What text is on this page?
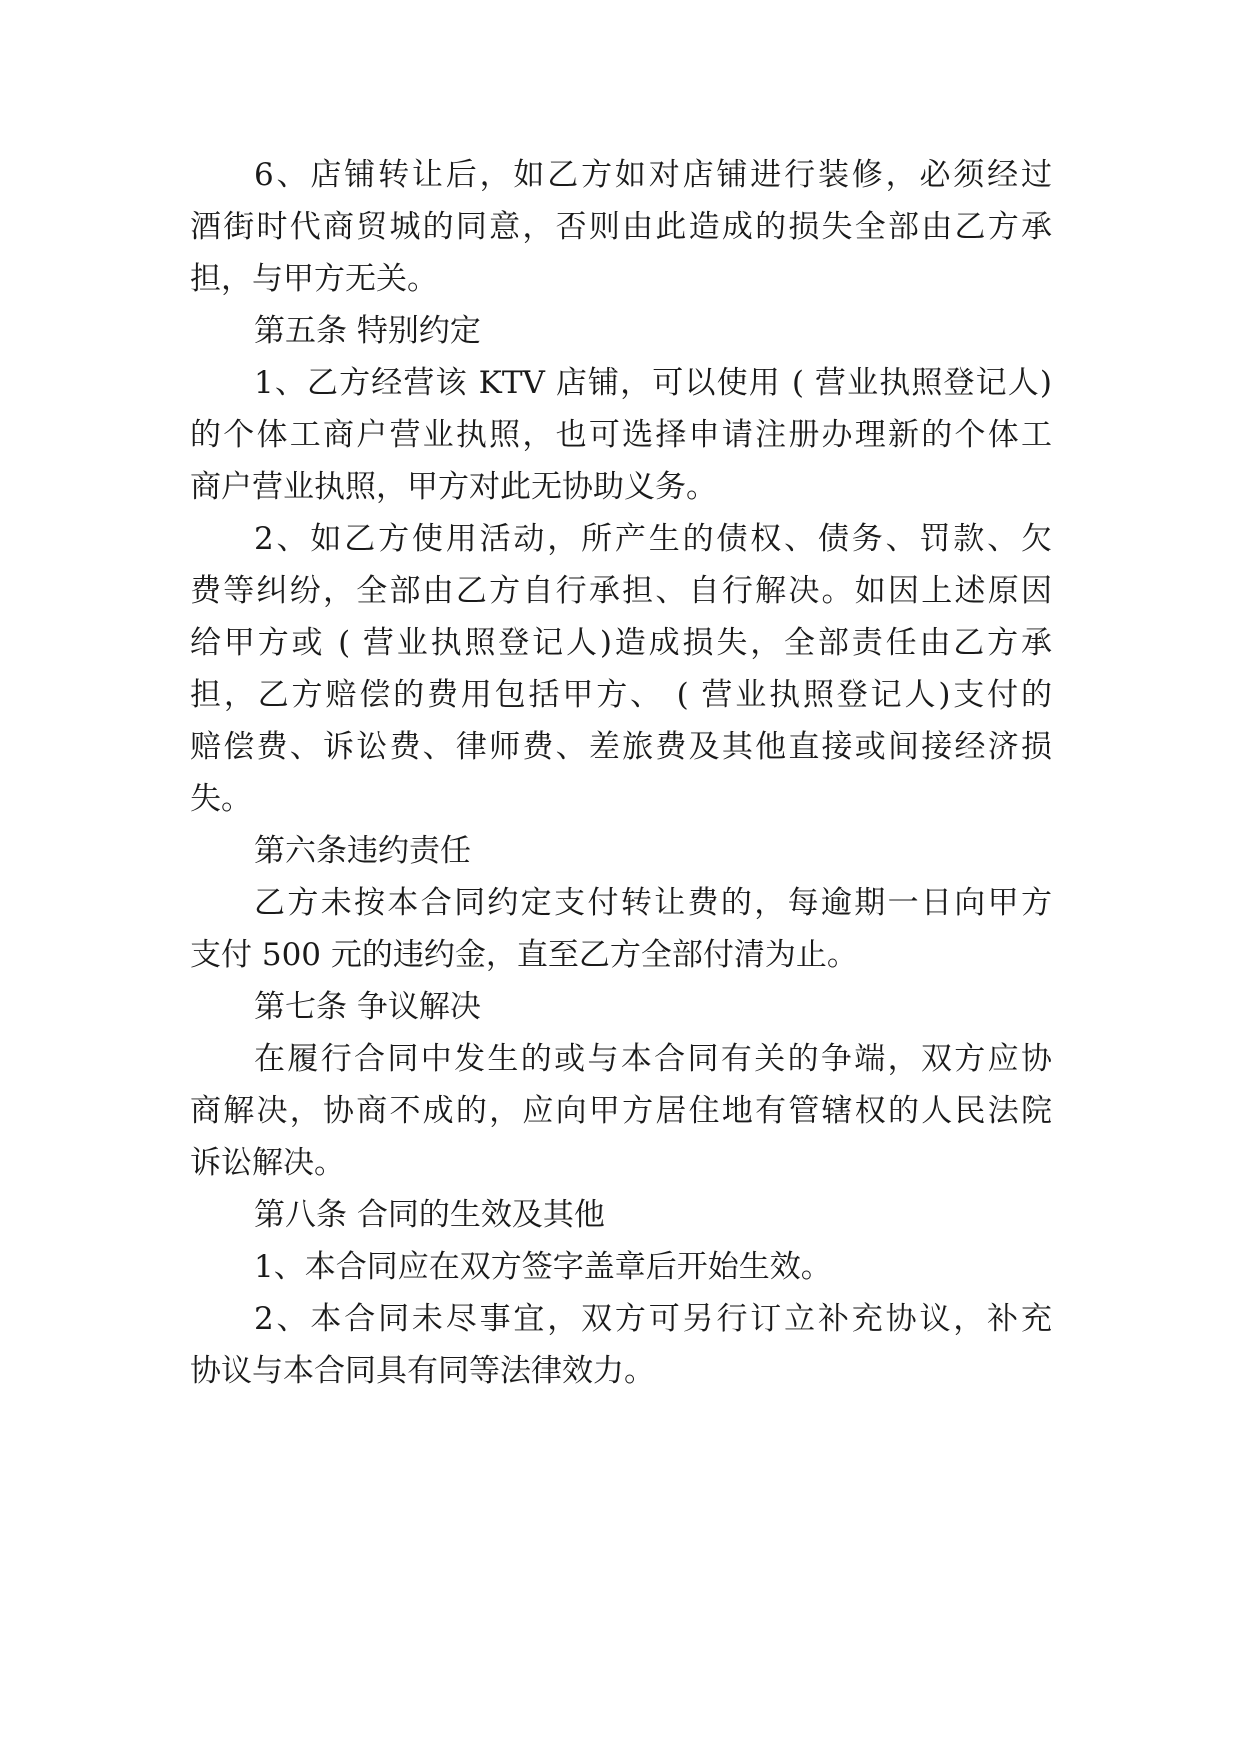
6、店铺转让后，如乙方如对店铺进行装修，必须经过
酒街时代商贸城的同意，否则由此造成的损失全部由乙方承
担，与甲方无关。
第五条 特别约定
1、乙方经营该 KTV 店铺，可以使用 ( 营业执照登记人)
的个体工商户营业执照，也可选择申请注册办理新的个体工
商户营业执照，甲方对此无协助义务。
2、如乙方使用活动，所产生的债权、债务、罚款、欠
费等纠纷，全部由乙方自行承担、自行解决。如因上述原因
给甲方或 ( 营业执照登记人)造成损失，全部责任由乙方承
担，乙方赔偿的费用包括甲方、 ( 营业执照登记人)支付的
赔偿费、诉讼费、律师费、差旅费及其他直接或间接经济损
失。
第六条违约责任
乙方未按本合同约定支付转让费的，每逾期一日向甲方
支付 500 元的违约金，直至乙方全部付清为止。
第七条 争议解决
在履行合同中发生的或与本合同有关的争端，双方应协
商解决，协商不成的，应向甲方居住地有管辖权的人民法院
诉讼解决。
第八条 合同的生效及其他
1、本合同应在双方签字盖章后开始生效。
2、本合同未尽事宜，双方可另行订立补充协议，补充
协议与本合同具有同等法律效力。
